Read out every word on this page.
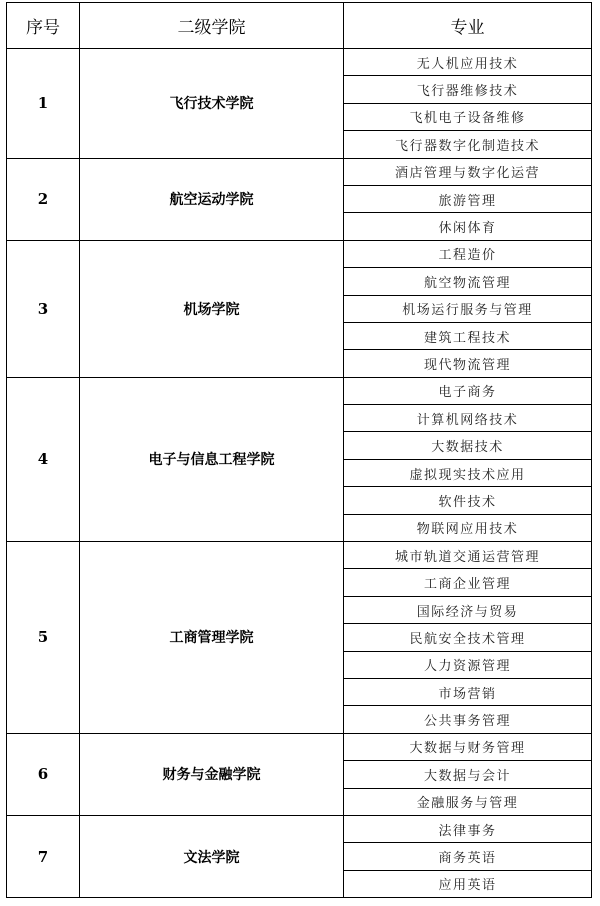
序号	二级学院	专业
1	飞行技术学院	无人机应用技术
		飞行器维修技术
		飞机电子设备维修
		飞行器数字化制造技术
2	航空运动学院	酒店管理与数字化运营
		旅游管理
		休闲体育
3	机场学院	工程造价
		航空物流管理
		机场运行服务与管理
		建筑工程技术
		现代物流管理
4	电子与信息工程学院	电子商务
		计算机网络技术
		大数据技术
		虚拟现实技术应用
		软件技术
		物联网应用技术
5	工商管理学院	城市轨道交通运营管理
		工商企业管理
		国际经济与贸易
		民航安全技术管理
		人力资源管理
		市场营销
		公共事务管理
6	财务与金融学院	大数据与财务管理
		大数据与会计
		金融服务与管理
7	文法学院	法律事务
		商务英语
		应用英语
